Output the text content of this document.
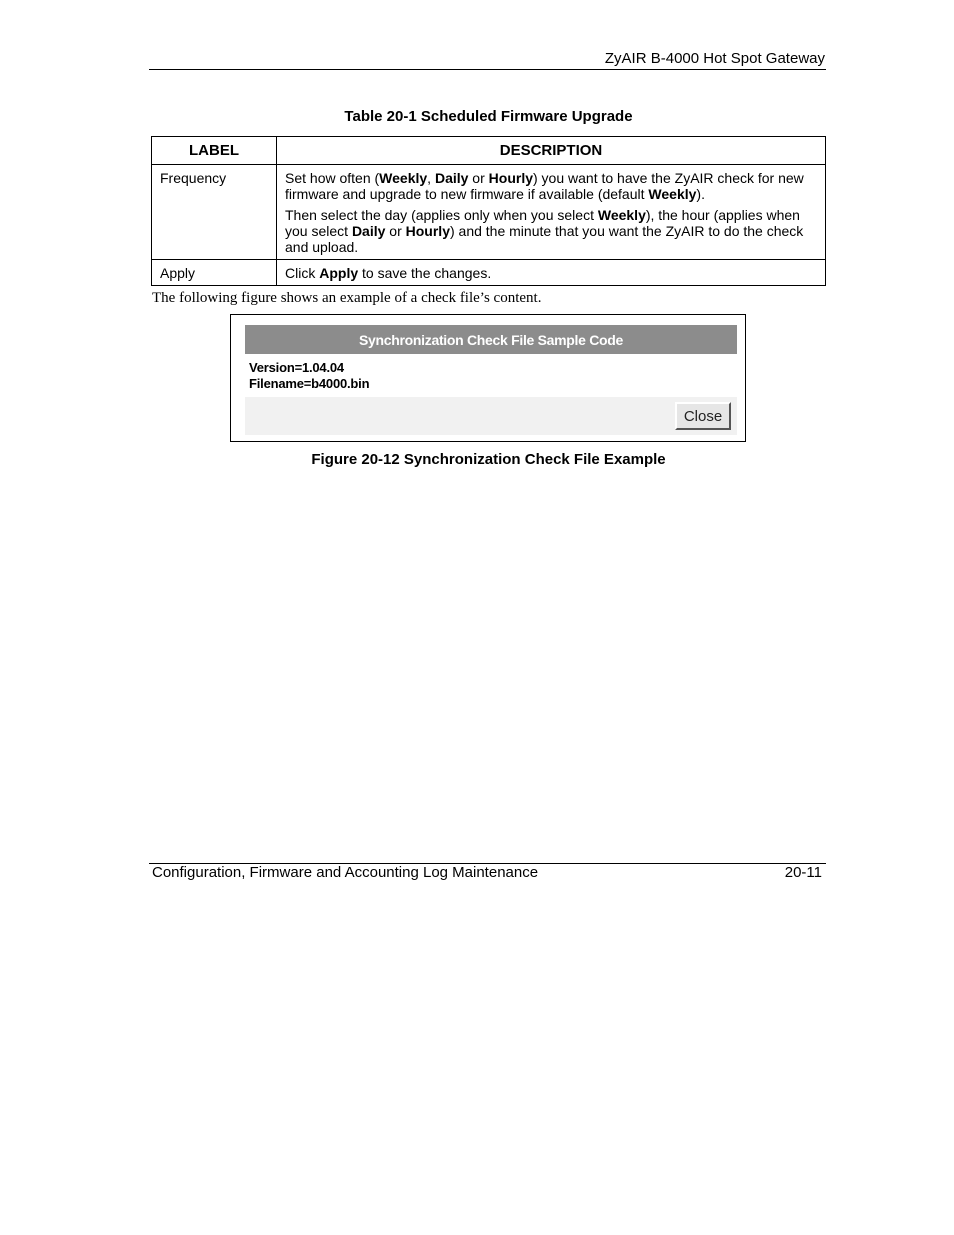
ZyAIR B-4000 Hot Spot Gateway
Table 20-1 Scheduled Firmware Upgrade
LABEL	DESCRIPTION
Frequency	Set how often (Weekly, Daily or Hourly) you want to have the ZyAIR check for new firmware and upgrade to new firmware if available (default Weekly).

Then select the day (applies only when you select Weekly), the hour (applies when you select Daily or Hourly) and the minute that you want the ZyAIR to do the check and upload.

Apply	Click Apply to save the changes.

The following figure shows an example of a check file’s content.
Synchronization Check File Sample Code
Version=1.04.04
Filename=b4000.bin
Close
Figure 20-12 Synchronization Check File Example
Configuration, Firmware and Accounting Log Maintenance	20-11
